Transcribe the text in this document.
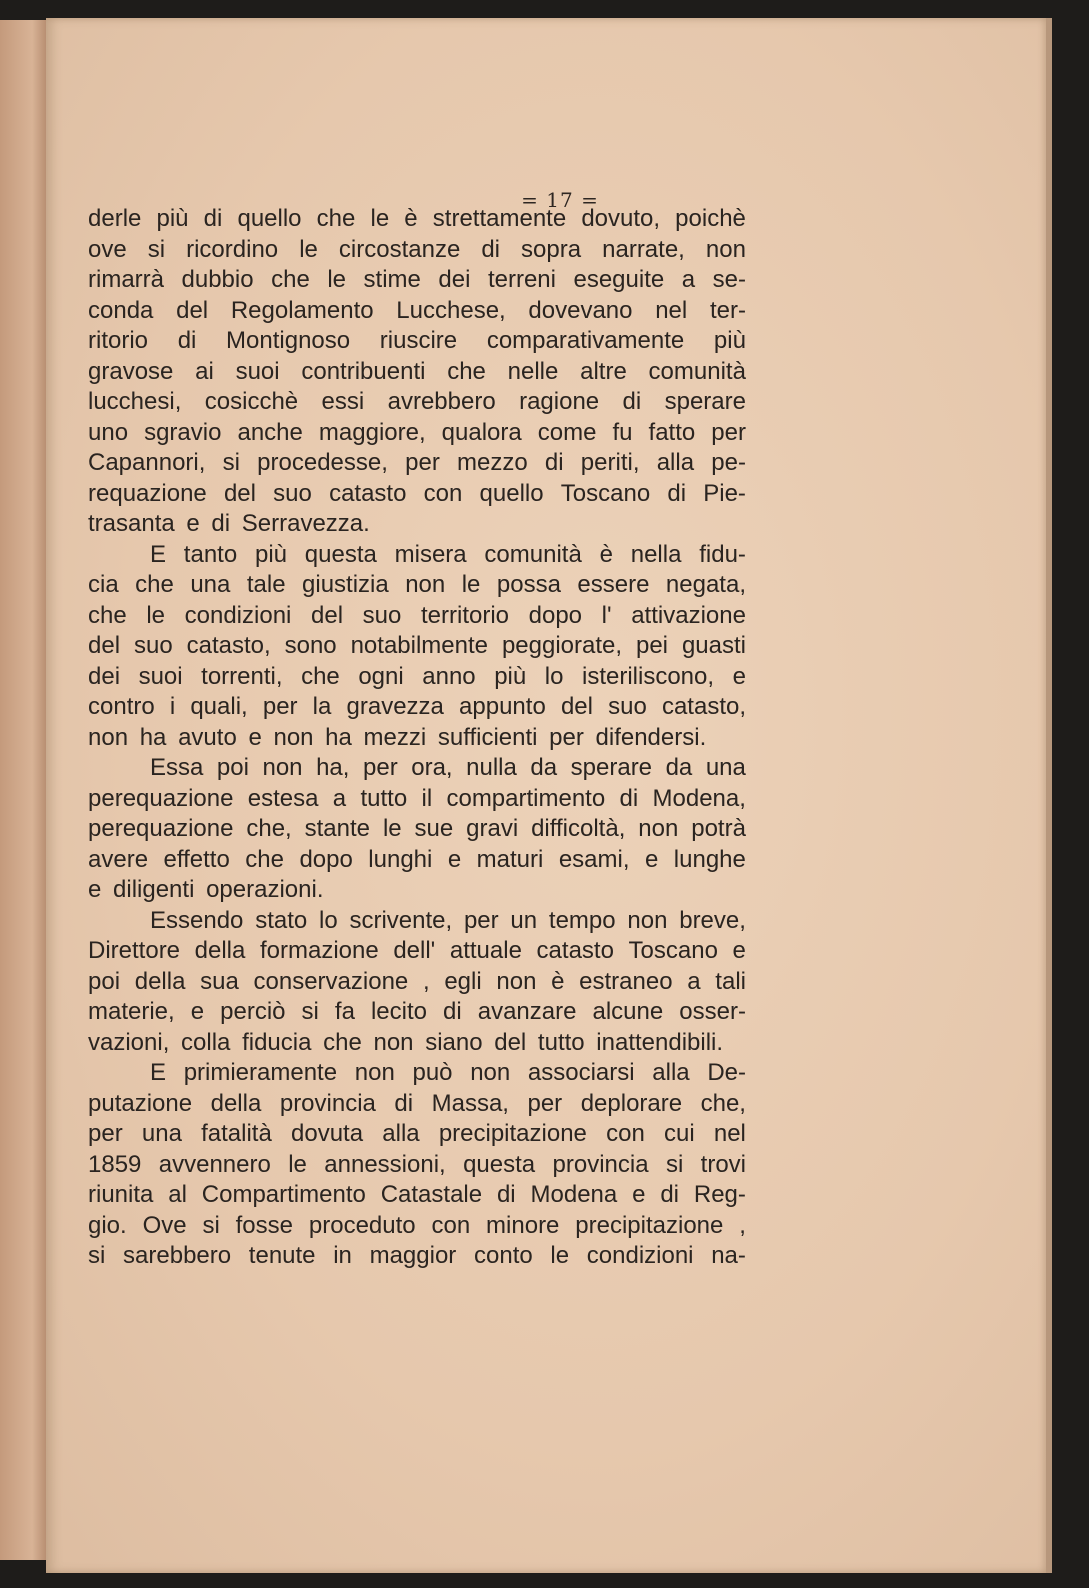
= 17 =
derle più di quello che le è strettamente dovuto, poichè
ove si ricordino le circostanze di sopra narrate, non
rimarrà dubbio che le stime dei terreni eseguite a se-
conda del Regolamento Lucchese, dovevano nel ter-
ritorio di Montignoso riuscire comparativamente più
gravose ai suoi contribuenti che nelle altre comunità
lucchesi, cosicchè essi avrebbero ragione di sperare
uno sgravio anche maggiore, qualora come fu fatto per
Capannori, si procedesse, per mezzo di periti, alla pe-
requazione del suo catasto con quello Toscano di Pie-
trasanta e di Serravezza.
E tanto più questa misera comunità è nella fidu-
cia che una tale giustizia non le possa essere negata,
che le condizioni del suo territorio dopo l' attivazione
del suo catasto, sono notabilmente peggiorate, pei guasti
dei suoi torrenti, che ogni anno più lo isteriliscono, e
contro i quali, per la gravezza appunto del suo catasto,
non ha avuto e non ha mezzi sufficienti per difendersi.
Essa poi non ha, per ora, nulla da sperare da una
perequazione estesa a tutto il compartimento di Modena,
perequazione che, stante le sue gravi difficoltà, non potrà
avere effetto che dopo lunghi e maturi esami, e lunghe
e diligenti operazioni.
Essendo stato lo scrivente, per un tempo non breve,
Direttore della formazione dell' attuale catasto Toscano e
poi della sua conservazione , egli non è estraneo a tali
materie, e perciò si fa lecito di avanzare alcune osser-
vazioni, colla fiducia che non siano del tutto inattendibili.
E primieramente non può non associarsi alla De-
putazione della provincia di Massa, per deplorare che,
per una fatalità dovuta alla precipitazione con cui nel
1859 avvennero le annessioni, questa provincia si trovi
riunita al Compartimento Catastale di Modena e di Reg-
gio. Ove si fosse proceduto con minore precipitazione ,
si sarebbero tenute in maggior conto le condizioni na-
